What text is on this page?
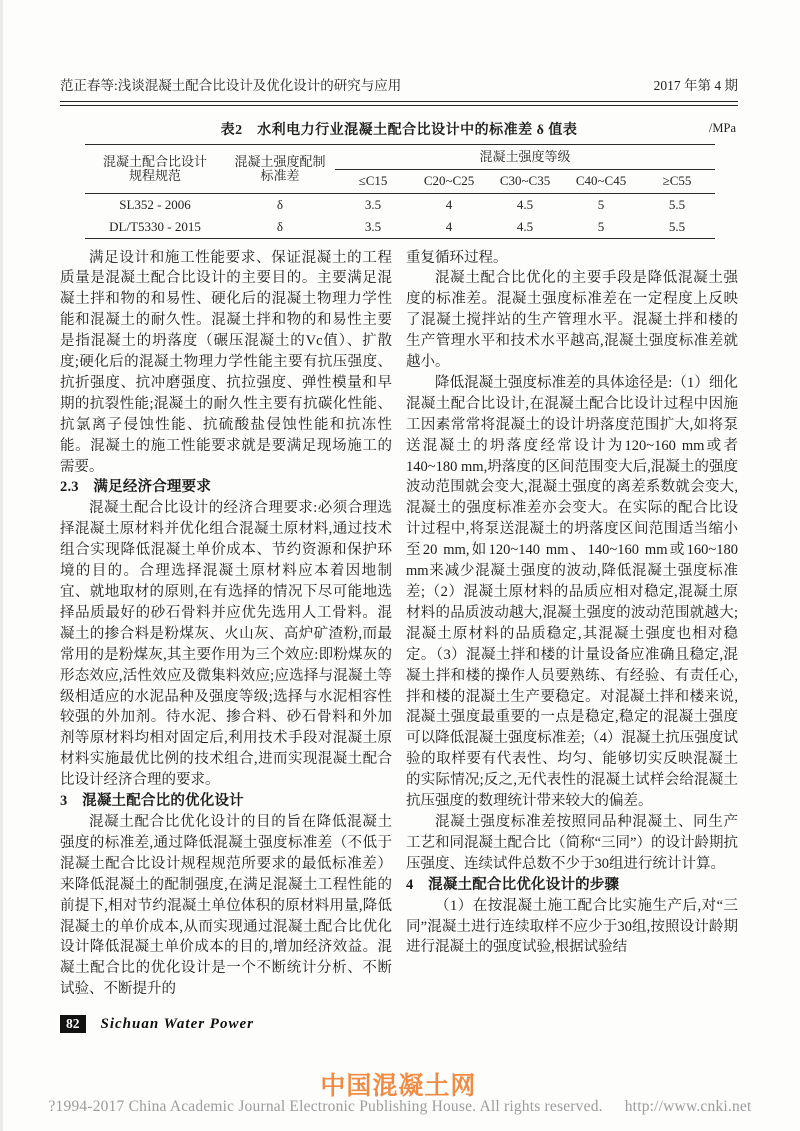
范正春等:浅谈混凝土配合比设计及优化设计的研究与应用	2017 年第 4 期
表2　水利电力行业混凝土配合比设计中的标准差 δ 值表	/MPa
混凝土配合比设计
规程规范

混凝土强度配制
标准差
	混凝土强度等级
		≤C15	C20~C25	C30~C35	C40~C45	≥C55
SL352 - 2006	δ	3.5	4	4.5	5	5.5
DL/T5330 - 2015	δ	3.5	4	4.5	5	5.5

满足设计和施工性能要求、保证混凝土的工程质量是混凝土配合比设计的主要目的。主要满足混凝土拌和物的和易性、硬化后的混凝土物理力学性能和混凝土的耐久性。混凝土拌和物的和易性主要是指混凝土的坍落度（碾压混凝土的Vc值）、扩散度;硬化后的混凝土物理力学性能主要有抗压强度、抗折强度、抗冲磨强度、抗拉强度、弹性模量和早期的抗裂性能;混凝土的耐久性主要有抗碳化性能、抗氯离子侵蚀性能、抗硫酸盐侵蚀性能和抗冻性能。混凝土的施工性能要求就是要满足现场施工的需要。

2.3　满足经济合理要求

混凝土配合比设计的经济合理要求:必须合理选择混凝土原材料并优化组合混凝土原材料,通过技术组合实现降低混凝土单价成本、节约资源和保护环境的目的。合理选择混凝土原材料应本着因地制宜、就地取材的原则,在有选择的情况下尽可能地选择品质最好的砂石骨料并应优先选用人工骨料。混凝土的掺合料是粉煤灰、火山灰、高炉矿渣粉,而最常用的是粉煤灰,其主要作用为三个效应:即粉煤灰的形态效应,活性效应及微集料效应;应选择与混凝土等级相适应的水泥品种及强度等级;选择与水泥相容性较强的外加剂。待水泥、掺合料、砂石骨料和外加剂等原材料均相对固定后,利用技术手段对混凝土原材料实施最优比例的技术组合,进而实现混凝土配合比设计经济合理的要求。

3　混凝土配合比的优化设计

混凝土配合比优化设计的目的旨在降低混凝土强度的标准差,通过降低混凝土强度标准差（不低于混凝土配合比设计规程规范所要求的最低标准差）来降低混凝土的配制强度,在满足混凝土工程性能的前提下,相对节约混凝土单位体积的原材料用量,降低混凝土的单价成本,从而实现通过混凝土配合比优化设计降低混凝土单价成本的目的,增加经济效益。混凝土配合比的优化设计是一个不断统计分析、不断试验、不断提升的

重复循环过程。

混凝土配合比优化的主要手段是降低混凝土强度的标准差。混凝土强度标准差在一定程度上反映了混凝土搅拌站的生产管理水平。混凝土拌和楼的生产管理水平和技术水平越高,混凝土强度标准差就越小。

降低混凝土强度标准差的具体途径是:（1）细化混凝土配合比设计,在混凝土配合比设计过程中因施工因素常常将混凝土的设计坍落度范围扩大,如将泵送混凝土的坍落度经常设计为120~160 mm或者140~180 mm,坍落度的区间范围变大后,混凝土的强度波动范围就会变大,混凝土强度的离差系数就会变大,混凝土的强度标准差亦会变大。在实际的配合比设计过程中,将泵送混凝土的坍落度区间范围适当缩小至20 mm,如120~140 mm、140~160 mm或160~180 mm来减少混凝土强度的波动,降低混凝土强度标准差;（2）混凝土原材料的品质应相对稳定,混凝土原材料的品质波动越大,混凝土强度的波动范围就越大;混凝土原材料的品质稳定,其混凝土强度也相对稳定。（3）混凝土拌和楼的计量设备应准确且稳定,混凝土拌和楼的操作人员要熟练、有经验、有责任心,拌和楼的混凝土生产要稳定。对混凝土拌和楼来说,混凝土强度最重要的一点是稳定,稳定的混凝土强度可以降低混凝土强度标准差;（4）混凝土抗压强度试验的取样要有代表性、均匀、能够切实反映混凝土的实际情况;反之,无代表性的混凝土试样会给混凝土抗压强度的数理统计带来较大的偏差。

混凝土强度标准差按照同品种混凝土、同生产工艺和同混凝土配合比（简称“三同”）的设计龄期抗压强度、连续试件总数不少于30组进行统计计算。

4　混凝土配合比优化设计的步骤

（1）在按混凝土施工配合比实施生产后,对“三同”混凝土进行连续取样不应少于30组,按照设计龄期进行混凝土的强度试验,根据试验结

82	Sichuan Water Power
中国混凝土网
?1994-2017 China Academic Journal Electronic Publishing House. All rights reserved. http://www.cnki.net
